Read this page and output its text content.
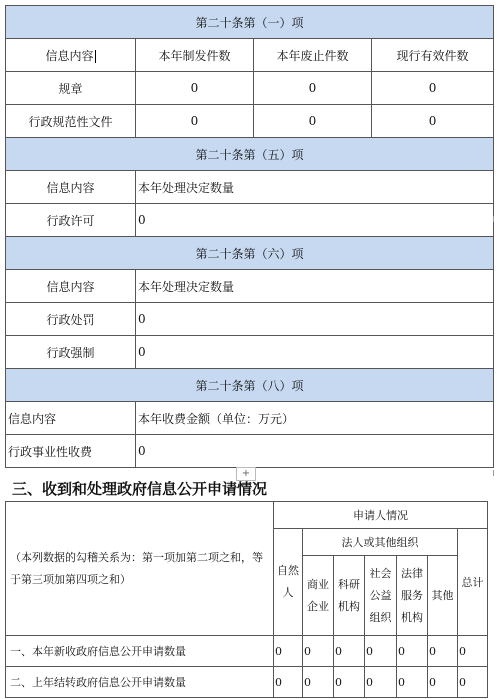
第二十条第（一）项			
信息内容	本年制发件数	本年废止件数	现行有效件数
规章	0	0	0
行政规范性文件	0	0	0
第二十条第（五）项			
信息内容	本年处理决定数量		
行政许可	0		
第二十条第（六）项			
信息内容	本年处理决定数量		
行政处罚	0		
行政强制	0		
第二十条第（八）项			
信息内容	本年收费金额（单位：万元）		
行政事业性收费	0		
+
三、收到和处理政府信息公开申请情况
（本列数据的勾稽关系为：第一项加第二项之和，等于第三项加第四项之和）	申请人情况						
	自然人	法人或其他组织					总计
		商业企业	科研机构	社会公益组织	法律服务机构	其他	
一、本年新收政府信息公开申请数量	0	0	0	0	0	0	0
二、上年结转政府信息公开申请数量	0	0	0	0	0	0	0
